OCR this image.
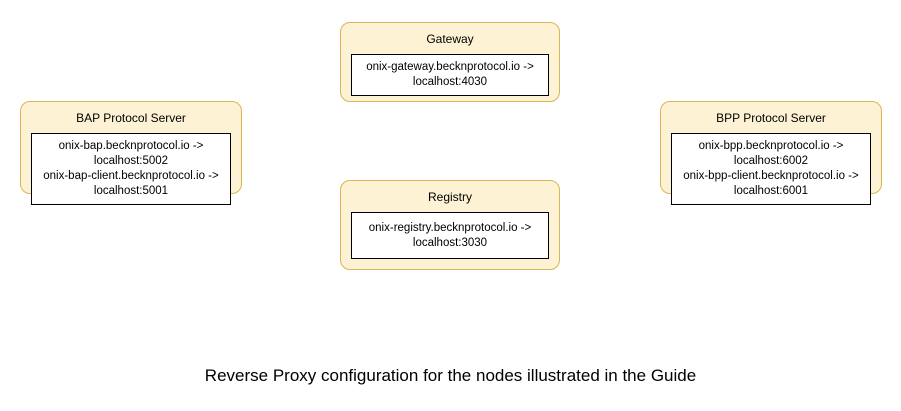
Gateway
onix-gateway.becknprotocol.io ->
localhost:4030
BAP Protocol Server
onix-bap.becknprotocol.io ->
localhost:5002
onix-bap-client.becknprotocol.io ->
localhost:5001
BPP Protocol Server
onix-bpp.becknprotocol.io ->
localhost:6002
onix-bpp-client.becknprotocol.io ->
localhost:6001
Registry
onix-registry.becknprotocol.io ->
localhost:3030
Reverse Proxy configuration for the nodes illustrated in the Guide
